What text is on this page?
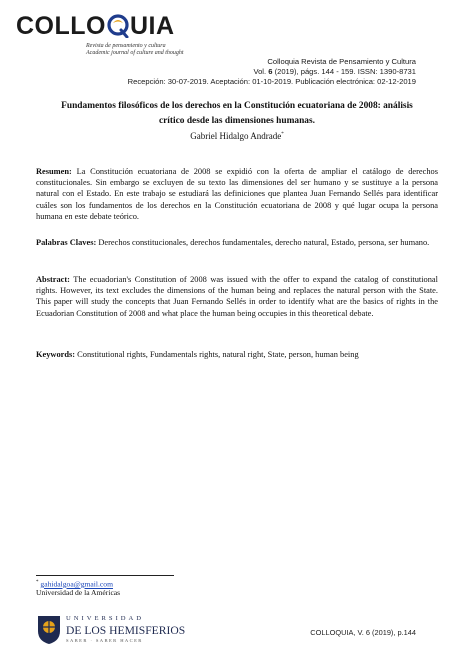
COLLO UIA
Revista de pensamiento y cultura
Academic journal of culture and thought
Colloquia Revista de Pensamiento y Cultura
Vol. 6 (2019), págs. 144 - 159. ISSN: 1390-8731
Recepción: 30-07-2019. Aceptación: 01-10-2019. Publicación electrónica: 02-12-2019
Fundamentos filosóficos de los derechos en la Constitución ecuatoriana de 2008: análisis
crítico desde las dimensiones humanas.
Gabriel Hidalgo Andrade*
Resumen: La Constitución ecuatoriana de 2008 se expidió con la oferta de ampliar el catálogo de derechos constitucionales. Sin embargo se excluyen de su texto las dimensiones del ser humano y se sustituye a la persona natural con el Estado. En este trabajo se estudiará las definiciones que plantea Juan Fernando Sellés para identificar cuáles son los fundamentos de los derechos en la Constitución ecuatoriana de 2008 y qué lugar ocupa la persona humana en este debate teórico.
Palabras Claves: Derechos constitucionales, derechos fundamentales, derecho natural, Estado, persona, ser humano.
Abstract: The ecuadorian's Constitution of 2008 was issued with the offer to expand the catalog of constitutional rights. However, its text excludes the dimensions of the human being and replaces the natural person with the State. This paper will study the concepts that Juan Fernando Sellés in order to identify what are the basics of rights in the Ecuadorian Constitution of 2008 and what place the human being occupies in this theoretical debate.
Keywords: Constitutional rights, Fundamentals rights, natural right, State, person, human being
* gahidalgoa@gmail.com
Universidad de la Américas
UNIVERSIDAD
DE LOS HEMISFERIOS
SABER · SABER HACER
COLLOQUIA, V. 6 (2019), p.144
